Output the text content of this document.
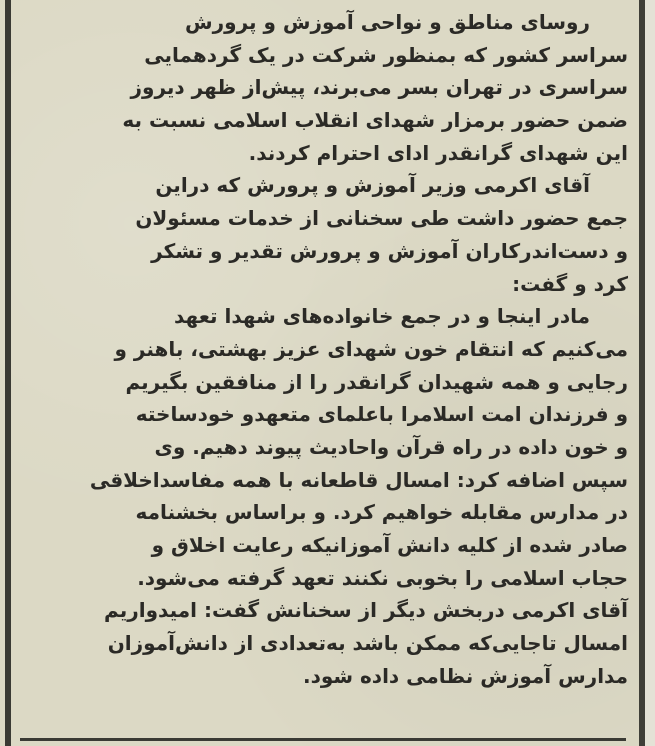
روسای مناطق و نواحی آموزش و پرورش
سراسر کشور که بمنظور شرکت در یک گردهمایی
سراسری در تهران بسر می‌برند، پیش‌از ظهر دیروز
ضمن حضور برمزار شهدای انقلاب اسلامی نسبت به
این شهدای گرانقدر ادای احترام کردند.
آقای اکرمی وزیر آموزش و پرورش که دراین
جمع حضور داشت طی سخنانی از خدمات مسئولان
و دست‌اندرکاران آموزش و پرورش تقدیر و تشکر
کرد و گفت:
مادر اینجا و در جمع خانواده‌های شهدا تعهد
می‌کنیم که انتقام خون شهدای عزیز بهشتی، باهنر و
رجایی و همه شهیدان گرانقدر را از منافقین بگیریم
و فرزندان امت اسلامرا باعلمای متعهدو خودساخته
و خون داده در راه قرآن واحادیث پیوند دهیم. وی
سپس اضافه کرد: امسال قاطعانه با همه مفاسداخلاقی
در مدارس مقابله خواهیم کرد. و براساس بخشنامه
صادر شده از کلیه دانش آموزانیکه رعایت اخلاق و
حجاب اسلامی را بخوبی نکنند تعهد گرفته می‌شود.
آقای اکرمی دربخش دیگر از سخنانش گفت: امیدواریم
امسال تاجایی‌که ممکن باشد به‌تعدادی از دانش‌آموزان
مدارس آموزش نظامی داده شود.
